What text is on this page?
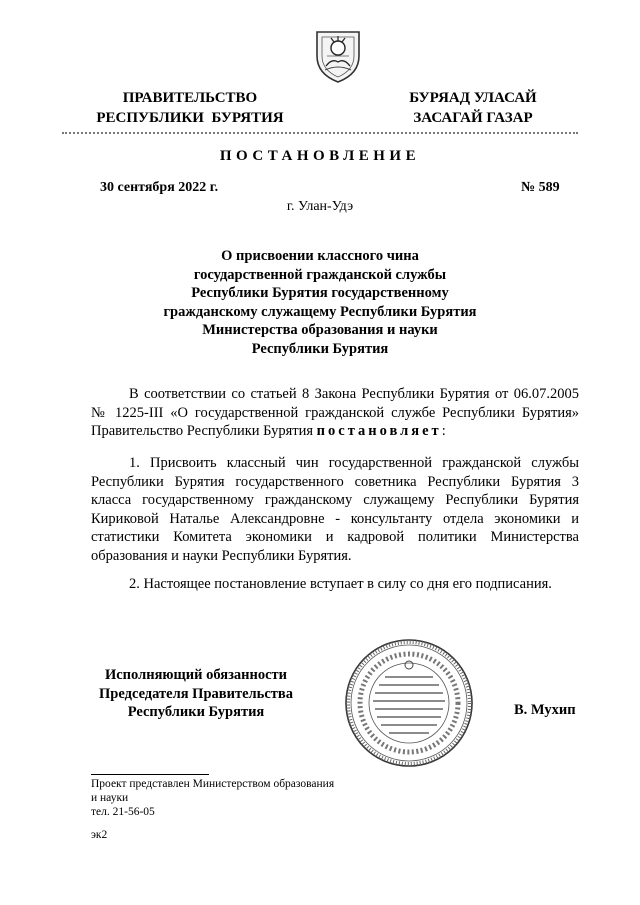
ПРАВИТЕЛЬСТВО
РЕСПУБЛИКИ  БУРЯТИЯ
БУРЯАД УЛАСАЙ
ЗАСАГАЙ ГАЗАР
ПОСТАНОВЛЕНИЕ
30 сентября 2022 г.	№ 589
г. Улан-Удэ
О присвоении классного чина
государственной гражданской службы
Республики Бурятия государственному
гражданскому служащему Республики Бурятия
Министерства образования и науки
Республики Бурятия
В соответствии со статьей 8 Закона Республики Бурятия от 06.07.2005 № 1225-III «О государственной гражданской службе Республики Бурятия» Правительство Республики Бурятия постановляет:
1. Присвоить классный чин государственной гражданской службы Республики Бурятия государственного советника Республики Бурятия 3 класса государственному гражданскому служащему Республики Бурятия Кириковой Наталье Александровне - консультанту отдела экономики и статистики Комитета экономики и кадровой политики Министерства образования и науки Республики Бурятия.
2. Настоящее постановление вступает в силу со дня его подписания.
Исполняющий обязанности
Председателя Правительства
Республики Бурятия	В. Мухип
Проект представлен Министерством образования
и науки
тел. 21-56-05
эк2
